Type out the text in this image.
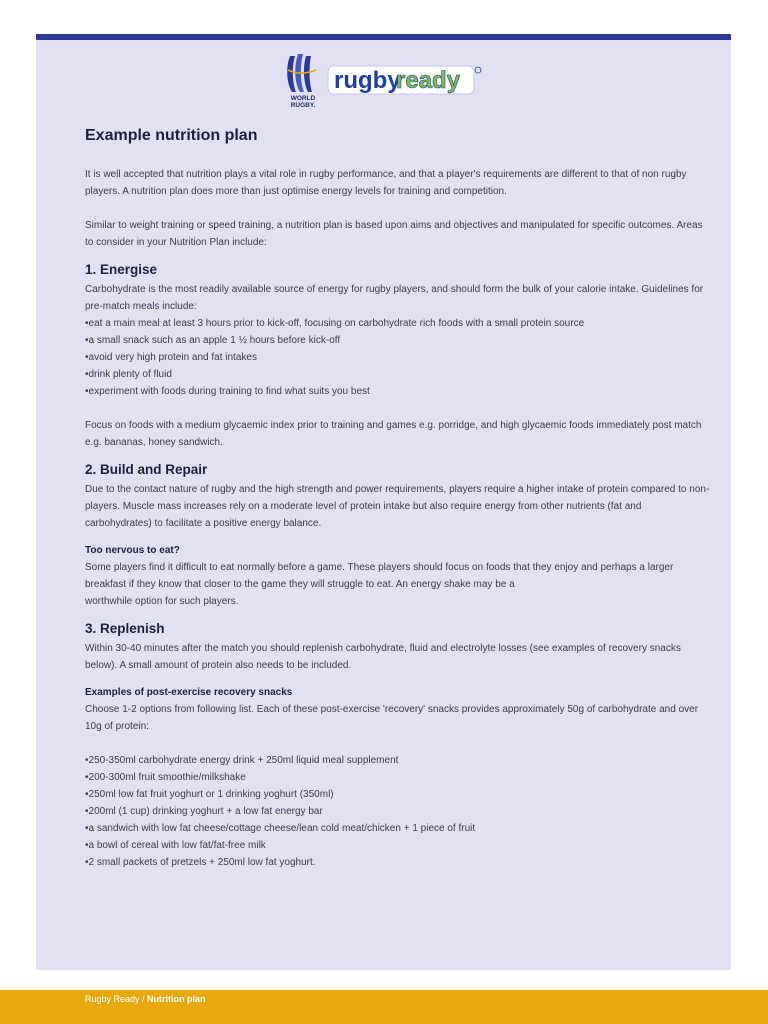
WORLD
RUGBY.
rugby
ready
Example nutrition plan

It is well accepted that nutrition plays a vital role in rugby performance, and that a player's requirements are different to that of non rugby players. A nutrition plan does more than just optimise energy levels for training and competition.

Similar to weight training or speed training, a nutrition plan is based upon aims and objectives and manipulated for specific outcomes. Areas to consider in your Nutrition Plan include:

1. Energise

Carbohydrate is the most readily available source of energy for rugby players, and should form the bulk of your calorie intake. Guidelines for pre-match meals include:

• eat a main meal at least 3 hours prior to kick-off, focusing on carbohydrate rich foods with a small protein source
• a small snack such as an apple 1 ½ hours before kick-off
• avoid very high protein and fat intakes
• drink plenty of fluid
• experiment with foods during training to find what suits you best

Focus on foods with a medium glycaemic index prior to training and games e.g. porridge, and high glycaemic foods immediately post match e.g. bananas, honey sandwich.

2. Build and Repair

Due to the contact nature of rugby and the high strength and power requirements, players require a higher intake of protein compared to non-players. Muscle mass increases rely on a moderate level of protein intake but also require energy from other nutrients (fat and carbohydrates) to facilitate a positive energy balance.

Too nervous to eat?

Some players find it difficult to eat normally before a game. These players should focus on foods that they enjoy and perhaps a larger breakfast if they know that closer to the game they will struggle to eat. An energy shake may be a

worthwhile option for such players.

3. Replenish

Within 30-40 minutes after the match you should replenish carbohydrate, fluid and electrolyte losses (see examples of recovery snacks below). A small amount of protein also needs to be included.

Examples of post-exercise recovery snacks

Choose 1-2 options from following list. Each of these post-exercise 'recovery' snacks provides approximately 50g of carbohydrate and over 10g of protein:

• 250-350ml carbohydrate energy drink + 250ml liquid meal supplement
• 200-300ml fruit smoothie/milkshake
• 250ml low fat fruit yoghurt or 1 drinking yoghurt (350ml)
• 200ml (1 cup) drinking yoghurt + a low fat energy bar
• a sandwich with low fat cheese/cottage cheese/lean cold meat/chicken + 1 piece of fruit
• a bowl of cereal with low fat/fat-free milk
• 2 small packets of pretzels + 250ml low fat yoghurt.
Rugby Ready / Nutrition plan
